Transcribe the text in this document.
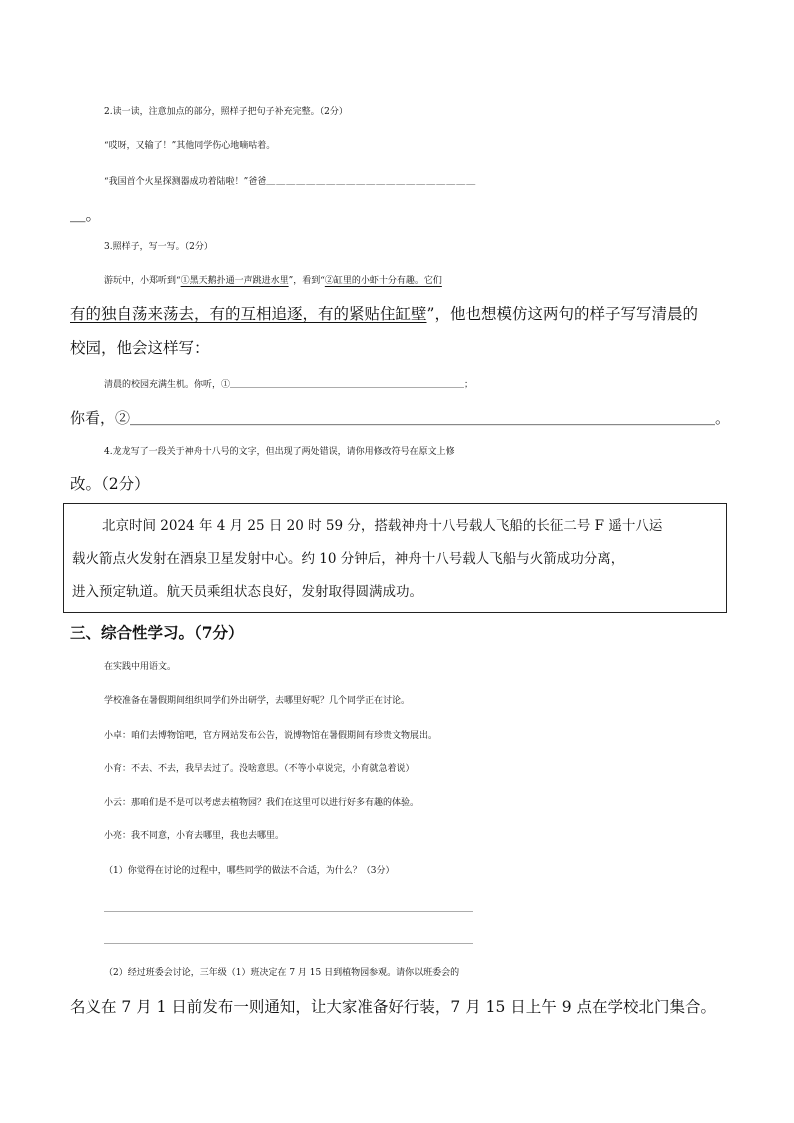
2.读一读，注意加点的部分，照样子把句子补充完整。（2分）
“哎呀，又输了！”其他同学伤心地嘀咕着。
“我国首个火星探测器成功着陆啦！”爸爸＿＿＿＿＿＿＿＿＿＿＿＿＿＿＿＿＿＿＿＿＿
＿。
3.照样子，写一写。（2分）
游玩中，小郑听到“①黑天鹅扑通一声跳进水里”，看到“②缸里的小虾十分有趣。它们
有的独自荡来荡去，有的互相追逐，有的紧贴住缸壁”，他也想模仿这两句的样子写写清晨的
校园，他会这样写：
清晨的校园充满生机。你听，①＿＿＿＿＿＿＿＿＿＿＿＿＿＿＿＿＿＿＿＿＿＿＿＿＿＿；
你看，②＿＿＿＿＿＿＿＿＿＿＿＿＿＿＿＿＿＿＿＿＿＿＿＿＿＿＿＿＿＿＿＿＿＿＿＿＿＿＿。
4.龙龙写了一段关于神舟十八号的文字，但出现了两处错误，请你用修改符号在原文上修
改。（2分）
北京时间 2024 年 4 月 25 日 20 时 59 分，搭载神舟十八号载人飞船的长征二号 F 遥十八运
载火箭点火发射在酒泉卫星发射中心。约 10 分钟后，神舟十八号载人飞船与火箭成功分离，
进入预定轨道。航天员乘组状态良好，发射取得圆满成功。
三、综合性学习。（7分）
在实践中用语文。
学校准备在暑假期间组织同学们外出研学，去哪里好呢？几个同学正在讨论。
小卓：咱们去博物馆吧，官方网站发布公告，说博物馆在暑假期间有珍贵文物展出。
小育：不去、不去，我早去过了。没啥意思。（不等小卓说完，小育就急着说）
小云：那咱们是不是可以考虑去植物园？我们在这里可以进行好多有趣的体验。
小亮：我不同意，小育去哪里，我也去哪里。
（1）你觉得在讨论的过程中，哪些同学的做法不合适，为什么？（3分）
＿＿＿＿＿＿＿＿＿＿＿＿＿＿＿＿＿＿＿＿＿＿＿＿＿＿＿＿＿＿＿＿＿＿＿＿＿＿＿＿＿
＿＿＿＿＿＿＿＿＿＿＿＿＿＿＿＿＿＿＿＿＿＿＿＿＿＿＿＿＿＿＿＿＿＿＿＿＿＿＿＿＿
（2）经过班委会讨论，三年级（1）班决定在 7 月 15 日到植物园参观。请你以班委会的
名义在 7 月 1 日前发布一则通知，让大家准备好行装，7 月 15 日上午 9 点在学校北门集合。
